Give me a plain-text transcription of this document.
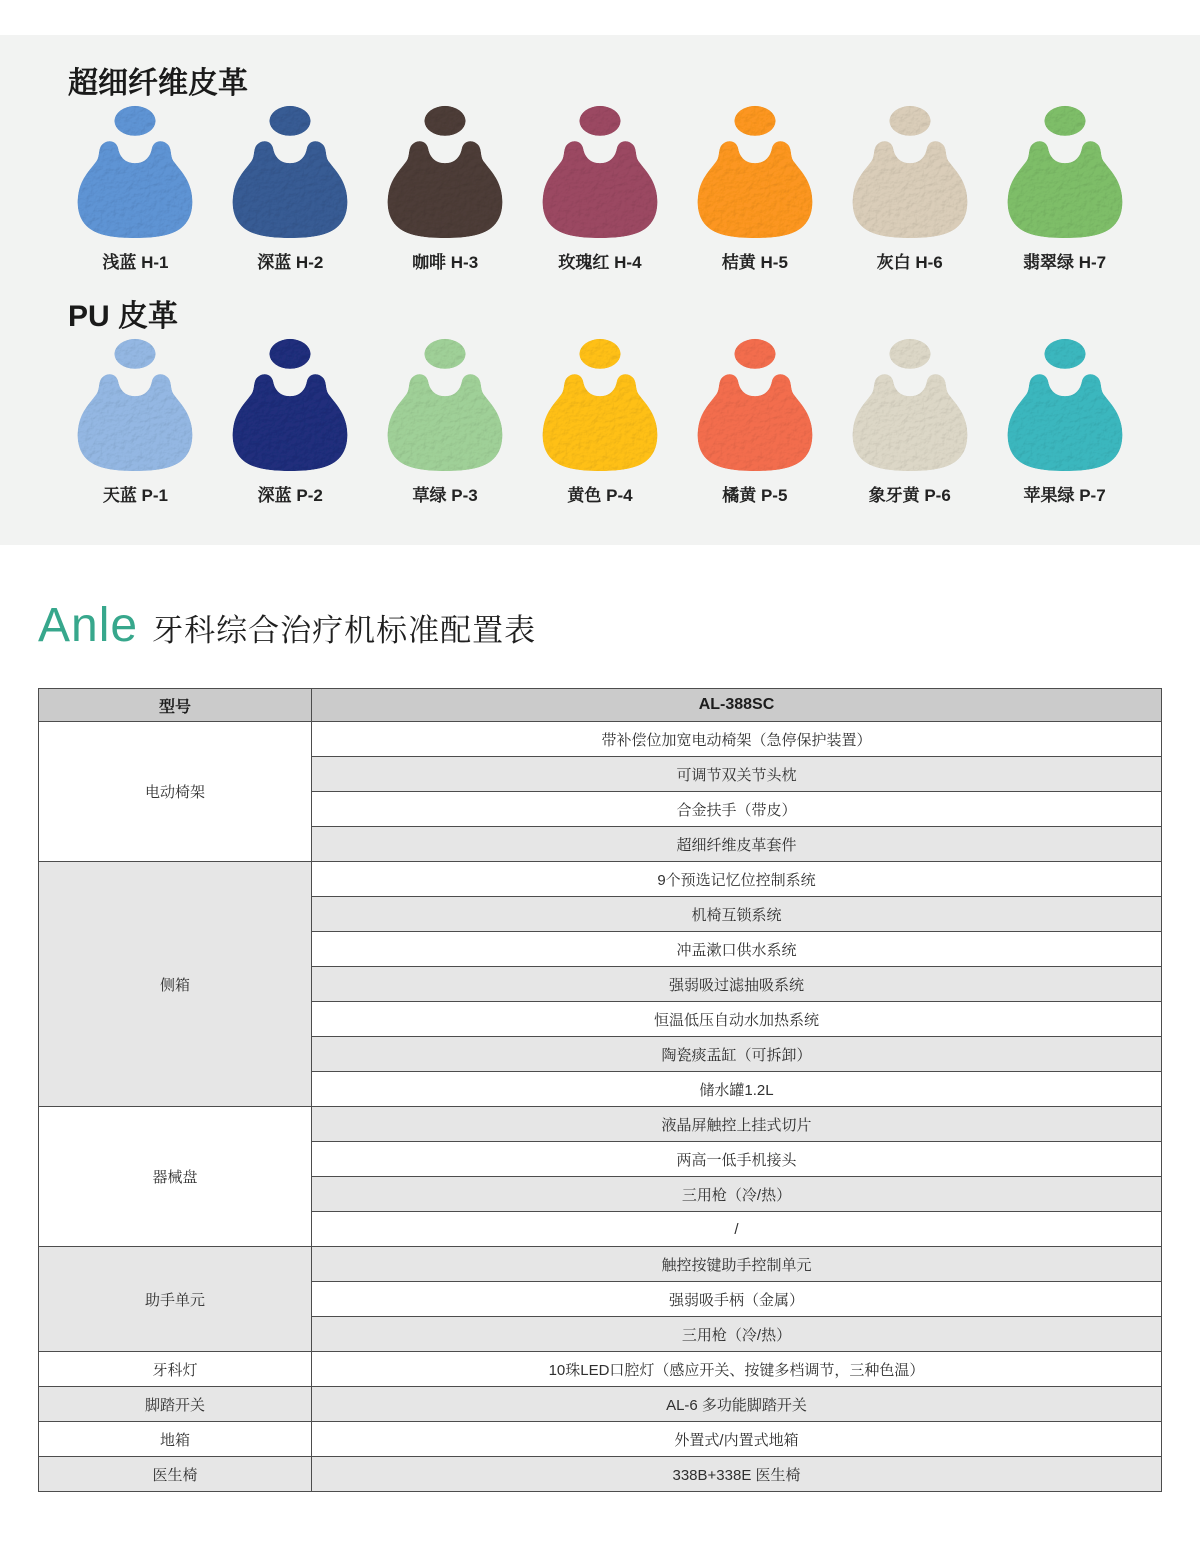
超细纤维皮革
浅蓝 H-1	深蓝 H-2	咖啡 H-3	玫瑰红 H-4	桔黄 H-5	灰白 H-6	翡翠绿 H-7
PU 皮革
天蓝 P-1	深蓝 P-2	草绿 P-3	黄色 P-4	橘黄 P-5	象牙黄 P-6	苹果绿 P-7
Anle 牙科综合治疗机标准配置表
型号	AL-388SC
电动椅架	带补偿位加宽电动椅架（急停保护装置）
	可调节双关节头枕
	合金扶手（带皮）
	超细纤维皮革套件
侧箱	9个预选记忆位控制系统
	机椅互锁系统
	冲盂漱口供水系统
	强弱吸过滤抽吸系统
	恒温低压自动水加热系统
	陶瓷痰盂缸（可拆卸）
	储水罐1.2L
器械盘	液晶屏触控上挂式切片
	两高一低手机接头
	三用枪（冷/热）
	/
助手单元	触控按键助手控制单元
	强弱吸手柄（金属）
	三用枪（冷/热）
牙科灯	10珠LED口腔灯（感应开关、按键多档调节，三种色温）
脚踏开关	AL-6 多功能脚踏开关
地箱	外置式/内置式地箱
医生椅	338B+338E 医生椅
